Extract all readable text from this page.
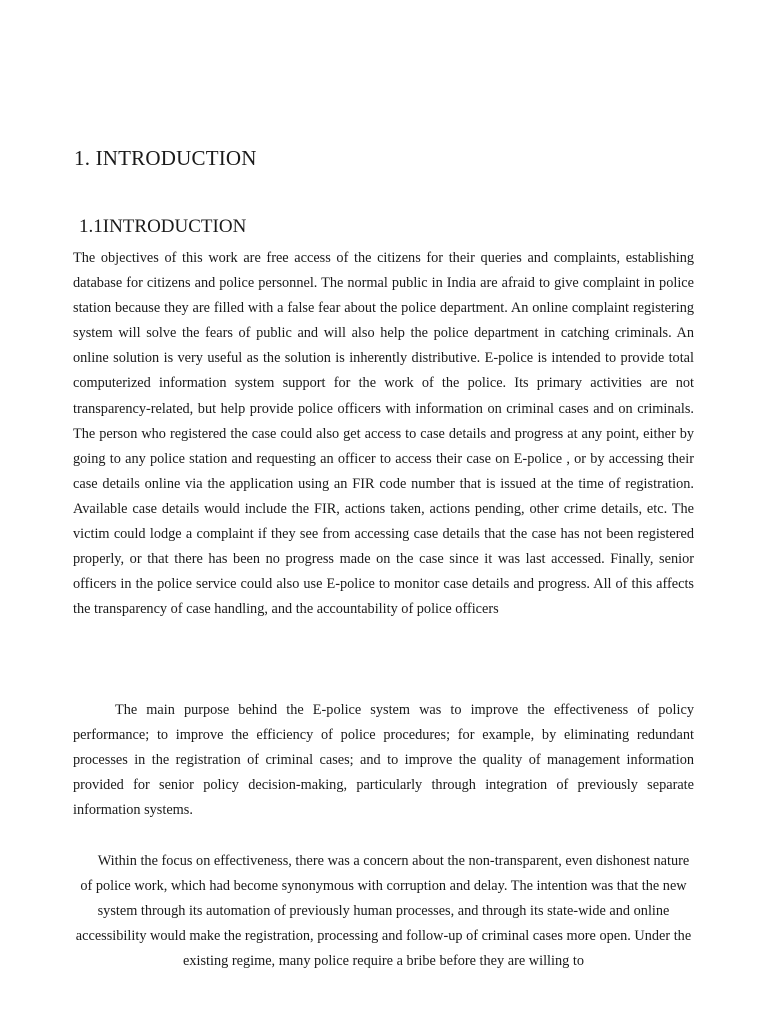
1. INTRODUCTION
1.1INTRODUCTION

The objectives of this work are free access of the citizens for their queries and complaints, establishing database for citizens and police personnel. The normal public in India are afraid to give complaint in police station because they are filled with a false fear about the police department. An online complaint registering system will solve the fears of public and will also help the police department in catching criminals. An online solution is very useful as the solution is inherently distributive. E-police is intended to provide total computerized information system support for the work of the police. Its primary activities are not transparency-related, but help provide police officers with information on criminal cases and on criminals. The person who registered the case could also get access to case details and progress at any point, either by going to any police station and requesting an officer to access their case on E-police , or by accessing their case details online via the application using an FIR code number that is issued at the time of registration. Available case details would include the FIR, actions taken, actions pending, other crime details, etc. The victim could lodge a complaint if they see from accessing case details that the case has not been registered properly, or that there has been no progress made on the case since it was last accessed. Finally, senior officers in the police service could also use E-police to monitor case details and progress. All of this affects the transparency of case handling, and the accountability of police officers

The main purpose behind the E-police system was to improve the effectiveness of policy performance; to improve the efficiency of police procedures; for example, by eliminating redundant processes in the registration of criminal cases; and to improve the quality of management information provided for senior policy decision-making, particularly through integration of previously separate information systems.

Within the focus on effectiveness, there was a concern about the non-transparent, even dishonest nature of police work, which had become synonymous with corruption and delay. The intention was that the new system through its automation of previously human processes, and through its state-wide and online accessibility would make the registration, processing and follow-up of criminal cases more open. Under the existing regime, many police require a bribe before they are willing to
